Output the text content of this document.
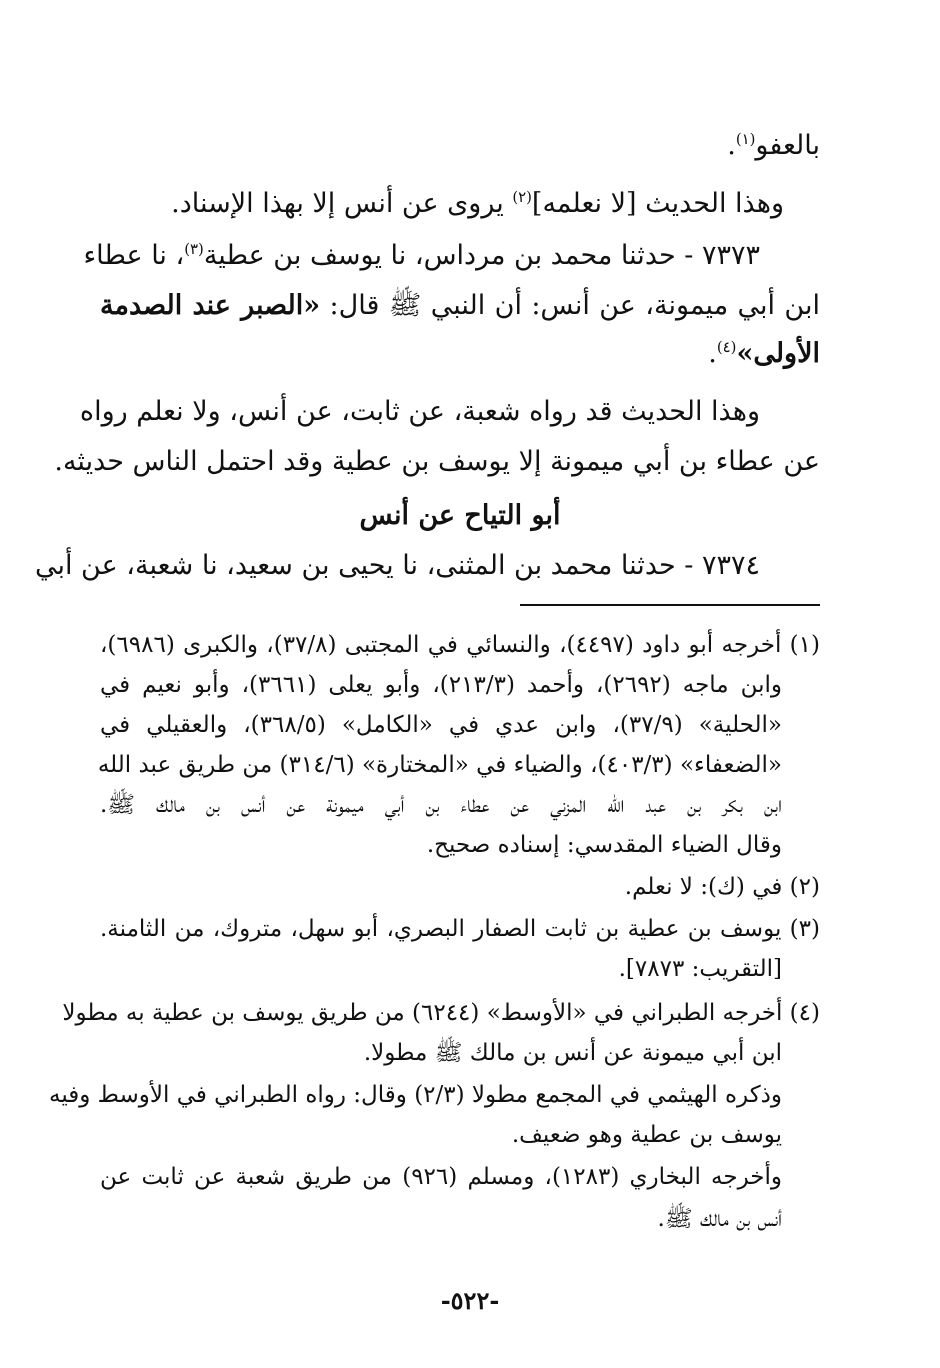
بالعفو$^{(١)}$.
وهذا الحديث [لا نعلمه]$^{(٢)}$ يروى عن أنس إلا بهذا الإسناد.
٧٣٧٣ - حدثنا محمد بن مرداس، نا يوسف بن عطية$^{(٣)}$، نا عطاء
ابن أبي ميمونة، عن أنس: أن النبي ﷺ قال: «الصبر عند الصدمة
الأولى»$^{(٤)}$.
وهذا الحديث قد رواه شعبة، عن ثابت، عن أنس، ولا نعلم رواه
عن عطاء بن أبي ميمونة إلا يوسف بن عطية وقد احتمل الناس حديثه.
أبو التياح عن أنس
٧٣٧٤ - حدثنا محمد بن المثنى، نا يحيى بن سعيد، نا شعبة، عن أبي
(١) أخرجه أبو داود (٤٤٩٧)، والنسائي في المجتبى (٣٧/٨)، والكبرى (٦٩٨٦)،
وابن ماجه (٢٦٩٢)، وأحمد (٢١٣/٣)، وأبو يعلى (٣٦٦١)، وأبو نعيم في
«الحلية» (٣٧/٩)، وابن عدي في «الكامل» (٣٦٨/٥)، والعقيلي في
«الضعفاء» (٤٠٣/٣)، والضياء في «المختارة» (٣١٤/٦) من طريق عبد الله
ابن بكر بن عبد الله المزني عن عطاء بن أبي ميمونة عن أنس بن مالك ﷺ.
وقال الضياء المقدسي: إسناده صحيح.
(٢) في (ك): لا نعلم.
(٣) يوسف بن عطية بن ثابت الصفار البصري، أبو سهل، متروك، من الثامنة.
[التقريب: ٧٨٧٣].
(٤) أخرجه الطبراني في «الأوسط» (٦٢٤٤) من طريق يوسف بن عطية به مطولا
ابن أبي ميمونة عن أنس بن مالك ﷺ مطولا.
وذكره الهيثمي في المجمع مطولا (٢/٣) وقال: رواه الطبراني في الأوسط وفيه
يوسف بن عطية وهو ضعيف.
وأخرجه البخاري (١٢٨٣)، ومسلم (٩٢٦) من طريق شعبة عن ثابت عن
أنس بن مالك ﷺ.
-٥٢٢-
